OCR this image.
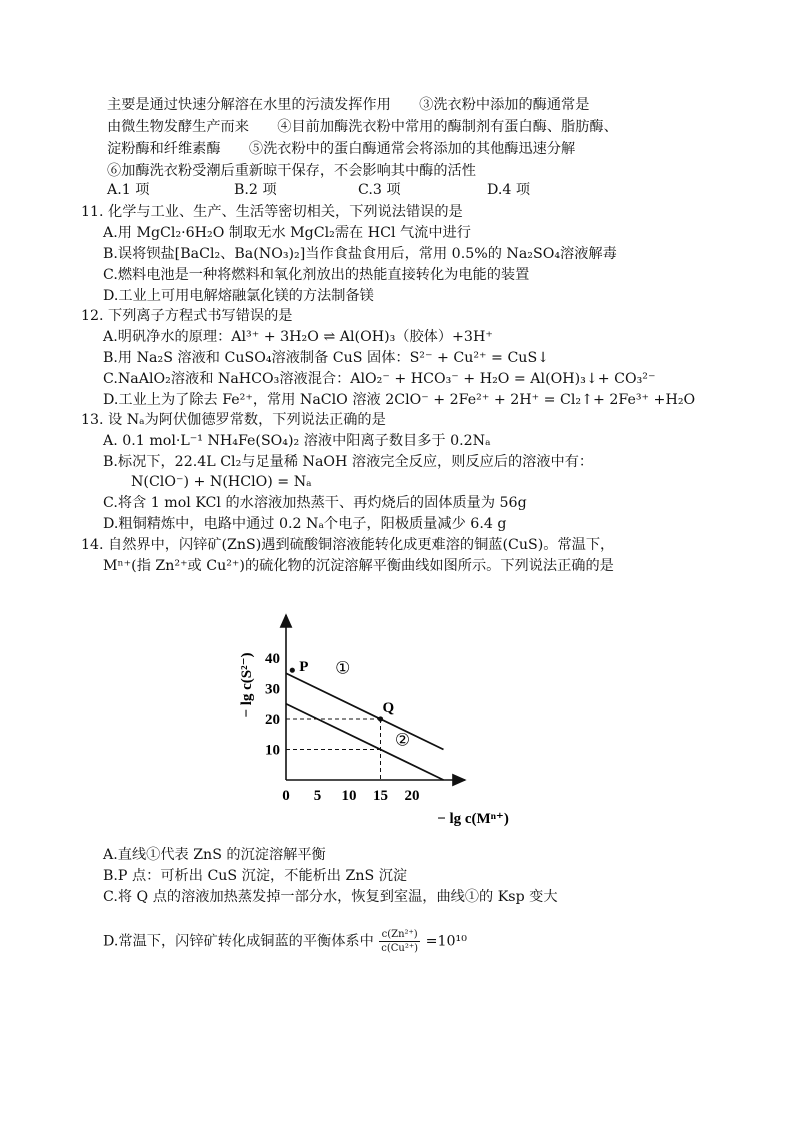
主要是通过快速分解溶在水里的污渍发挥作用　　③洗衣粉中添加的酶通常是
由微生物发酵生产而来　　④目前加酶洗衣粉中常用的酶制剂有蛋白酶、脂肪酶、
淀粉酶和纤维素酶　　⑤洗衣粉中的蛋白酶通常会将添加的其他酶迅速分解
⑥加酶洗衣粉受潮后重新晾干保存，不会影响其中酶的活性
A.1 项	B.2 项	C.3 项	D.4 项
11. 化学与工业、生产、生活等密切相关，下列说法错误的是
A.用 MgCl₂·6H₂O 制取无水 MgCl₂需在 HCl 气流中进行
B.误将钡盐[BaCl₂、Ba(NO₃)₂]当作食盐食用后，常用 0.5%的 Na₂SO₄溶液解毒
C.燃料电池是一种将燃料和氧化剂放出的热能直接转化为电能的装置
D.工业上可用电解熔融氯化镁的方法制备镁
12. 下列离子方程式书写错误的是
A.明矾净水的原理：Al³⁺ + 3H₂O ⇌ Al(OH)₃（胶体）+3H⁺
B.用 Na₂S 溶液和 CuSO₄溶液制备 CuS 固体：S²⁻ + Cu²⁺ = CuS↓
C.NaAlO₂溶液和 NaHCO₃溶液混合：AlO₂⁻ + HCO₃⁻ + H₂O = Al(OH)₃↓+ CO₃²⁻
D.工业上为了除去 Fe²⁺，常用 NaClO 溶液 2ClO⁻ + 2Fe²⁺ + 2H⁺ = Cl₂↑+ 2Fe³⁺ +H₂O
13. 设 Nₐ为阿伏伽德罗常数，下列说法正确的是
A. 0.1 mol·L⁻¹ NH₄Fe(SO₄)₂ 溶液中阳离子数目多于 0.2Nₐ
B.标况下，22.4L Cl₂与足量稀 NaOH 溶液完全反应，则反应后的溶液中有：
N(ClO⁻) + N(HClO) = Nₐ
C.将含 1 mol KCl 的水溶液加热蒸干、再灼烧后的固体质量为 56g
D.粗铜精炼中，电路中通过 0.2 Nₐ个电子，阳极质量减少 6.4 g
14. 自然界中，闪锌矿(ZnS)遇到硫酸铜溶液能转化成更难溶的铜蓝(CuS)。常温下，
Mⁿ⁺(指 Zn²⁺或 Cu²⁺)的硫化物的沉淀溶解平衡曲线如图所示。下列说法正确的是
①
②
0 5 10 15 20
10
20
30
40
P
Q
− lg c(S²⁻)
− lg c(Mⁿ⁺)
A.直线①代表 ZnS 的沉淀溶解平衡
B.P 点：可析出 CuS 沉淀，不能析出 ZnS 沉淀
C.将 Q 点的溶液加热蒸发掉一部分水，恢复到室温，曲线①的 Ksp 变大
D.常温下，闪锌矿转化成铜蓝的平衡体系中 $\frac{\text{c(Zn²⁺)}}{\text{c(Cu²⁺)}} =10^{10}$
